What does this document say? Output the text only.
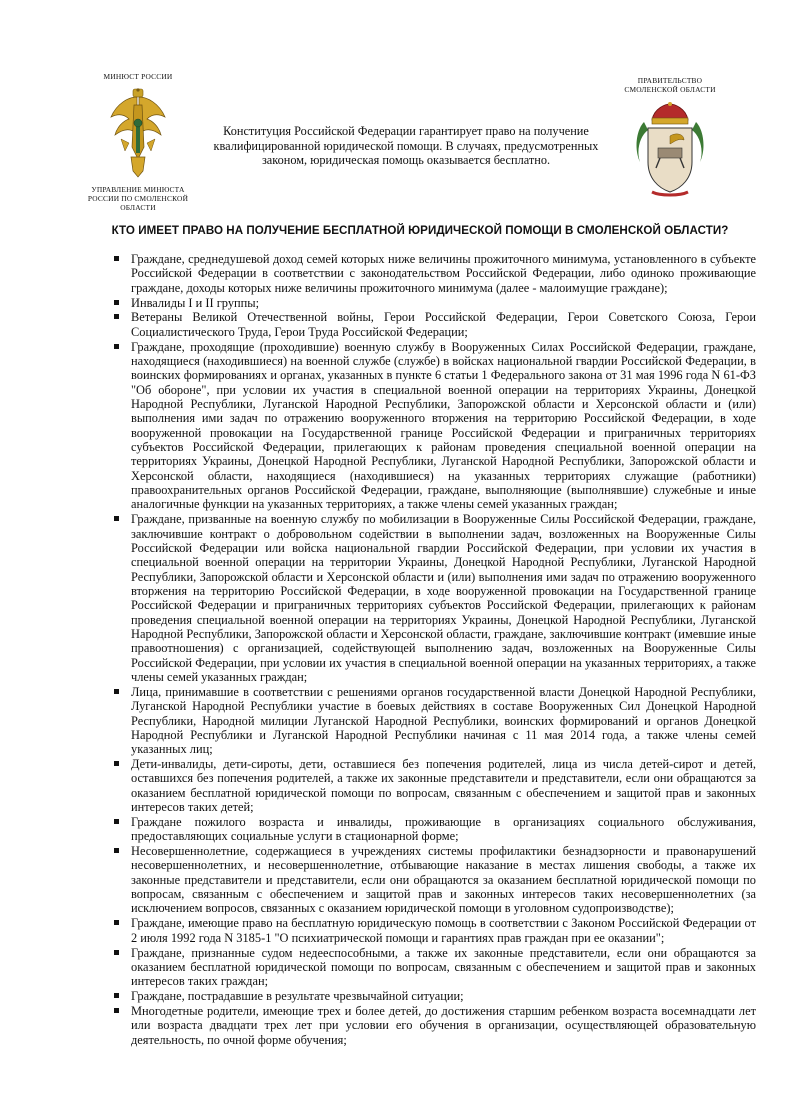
МИНЮСТ РОССИИ
УПРАВЛЕНИЕ МИНЮСТА РОССИИ ПО СМОЛЕНСКОЙ ОБЛАСТИ
Конституция Российской Федерации гарантирует право на получение квалифицированной юридической помощи. В случаях, предусмотренных законом, юридическая помощь оказывается бесплатно.
ПРАВИТЕЛЬСТВО СМОЛЕНСКОЙ ОБЛАСТИ
КТО ИМЕЕТ ПРАВО НА ПОЛУЧЕНИЕ БЕСПЛАТНОЙ ЮРИДИЧЕСКОЙ ПОМОЩИ В СМОЛЕНСКОЙ ОБЛАСТИ?
Граждане, среднедушевой доход семей которых ниже величины прожиточного минимума, установленного в субъекте Российской Федерации в соответствии с законодательством Российской Федерации, либо одиноко проживающие граждане, доходы которых ниже величины прожиточного минимума (далее - малоимущие граждане);
Инвалиды I и II группы;
Ветераны Великой Отечественной войны, Герои Российской Федерации, Герои Советского Союза, Герои Социалистического Труда, Герои Труда Российской Федерации;
Граждане, проходящие (проходившие) военную службу в Вооруженных Силах Российской Федерации, граждане, находящиеся (находившиеся) на военной службе (службе) в войсках национальной гвардии Российской Федерации, в воинских формированиях и органах, указанных в пункте 6 статьи 1 Федерального закона от 31 мая 1996 года N 61-ФЗ "Об обороне", при условии их участия в специальной военной операции на территориях Украины, Донецкой Народной Республики, Луганской Народной Республики, Запорожской области и Херсонской области и (или) выполнения ими задач по отражению вооруженного вторжения на территорию Российской Федерации, в ходе вооруженной провокации на Государственной границе Российской Федерации и приграничных территориях субъектов Российской Федерации, прилегающих к районам проведения специальной военной операции на территориях Украины, Донецкой Народной Республики, Луганской Народной Республики, Запорожской области и Херсонской области, находящиеся (находившиеся) на указанных территориях служащие (работники) правоохранительных органов Российской Федерации, граждане, выполняющие (выполнявшие) служебные и иные аналогичные функции на указанных территориях, а также члены семей указанных граждан;
Граждане, призванные на военную службу по мобилизации в Вооруженные Силы Российской Федерации, граждане, заключившие контракт о добровольном содействии в выполнении задач, возложенных на Вооруженные Силы Российской Федерации или войска национальной гвардии Российской Федерации, при условии их участия в специальной военной операции на территории Украины, Донецкой Народной Республики, Луганской Народной Республики, Запорожской области и Херсонской области и (или) выполнения ими задач по отражению вооруженного вторжения на территорию Российской Федерации, в ходе вооруженной провокации на Государственной границе Российской Федерации и приграничных территориях субъектов Российской Федерации, прилегающих к районам проведения специальной военной операции на территориях Украины, Донецкой Народной Республики, Луганской Народной Республики, Запорожской области и Херсонской области, граждане, заключившие контракт (имевшие иные правоотношения) с организацией, содействующей выполнению задач, возложенных на Вооруженные Силы Российской Федерации, при условии их участия в специальной военной операции на указанных территориях, а также члены семей указанных граждан;
Лица, принимавшие в соответствии с решениями органов государственной власти Донецкой Народной Республики, Луганской Народной Республики участие в боевых действиях в составе Вооруженных Сил Донецкой Народной Республики, Народной милиции Луганской Народной Республики, воинских формирований и органов Донецкой Народной Республики и Луганской Народной Республики начиная с 11 мая 2014 года, а также члены семей указанных лиц;
Дети-инвалиды, дети-сироты, дети, оставшиеся без попечения родителей, лица из числа детей-сирот и детей, оставшихся без попечения родителей, а также их законные представители и представители, если они обращаются за оказанием бесплатной юридической помощи по вопросам, связанным с обеспечением и защитой прав и законных интересов таких детей;
Граждане пожилого возраста и инвалиды, проживающие в организациях социального обслуживания, предоставляющих социальные услуги в стационарной форме;
Несовершеннолетние, содержащиеся в учреждениях системы профилактики безнадзорности и правонарушений несовершеннолетних, и несовершеннолетние, отбывающие наказание в местах лишения свободы, а также их законные представители и представители, если они обращаются за оказанием бесплатной юридической помощи по вопросам, связанным с обеспечением и защитой прав и законных интересов таких несовершеннолетних (за исключением вопросов, связанных с оказанием юридической помощи в уголовном судопроизводстве);
Граждане, имеющие право на бесплатную юридическую помощь в соответствии с Законом Российской Федерации от 2 июля 1992 года N 3185-1 "О психиатрической помощи и гарантиях прав граждан при ее оказании";
Граждане, признанные судом недееспособными, а также их законные представители, если они обращаются за оказанием бесплатной юридической помощи по вопросам, связанным с обеспечением и защитой прав и законных интересов таких граждан;
Граждане, пострадавшие в результате чрезвычайной ситуации;
Многодетные родители, имеющие трех и более детей, до достижения старшим ребенком возраста восемнадцати лет или возраста двадцати трех лет при условии его обучения в организации, осуществляющей образовательную деятельность, по очной форме обучения;
